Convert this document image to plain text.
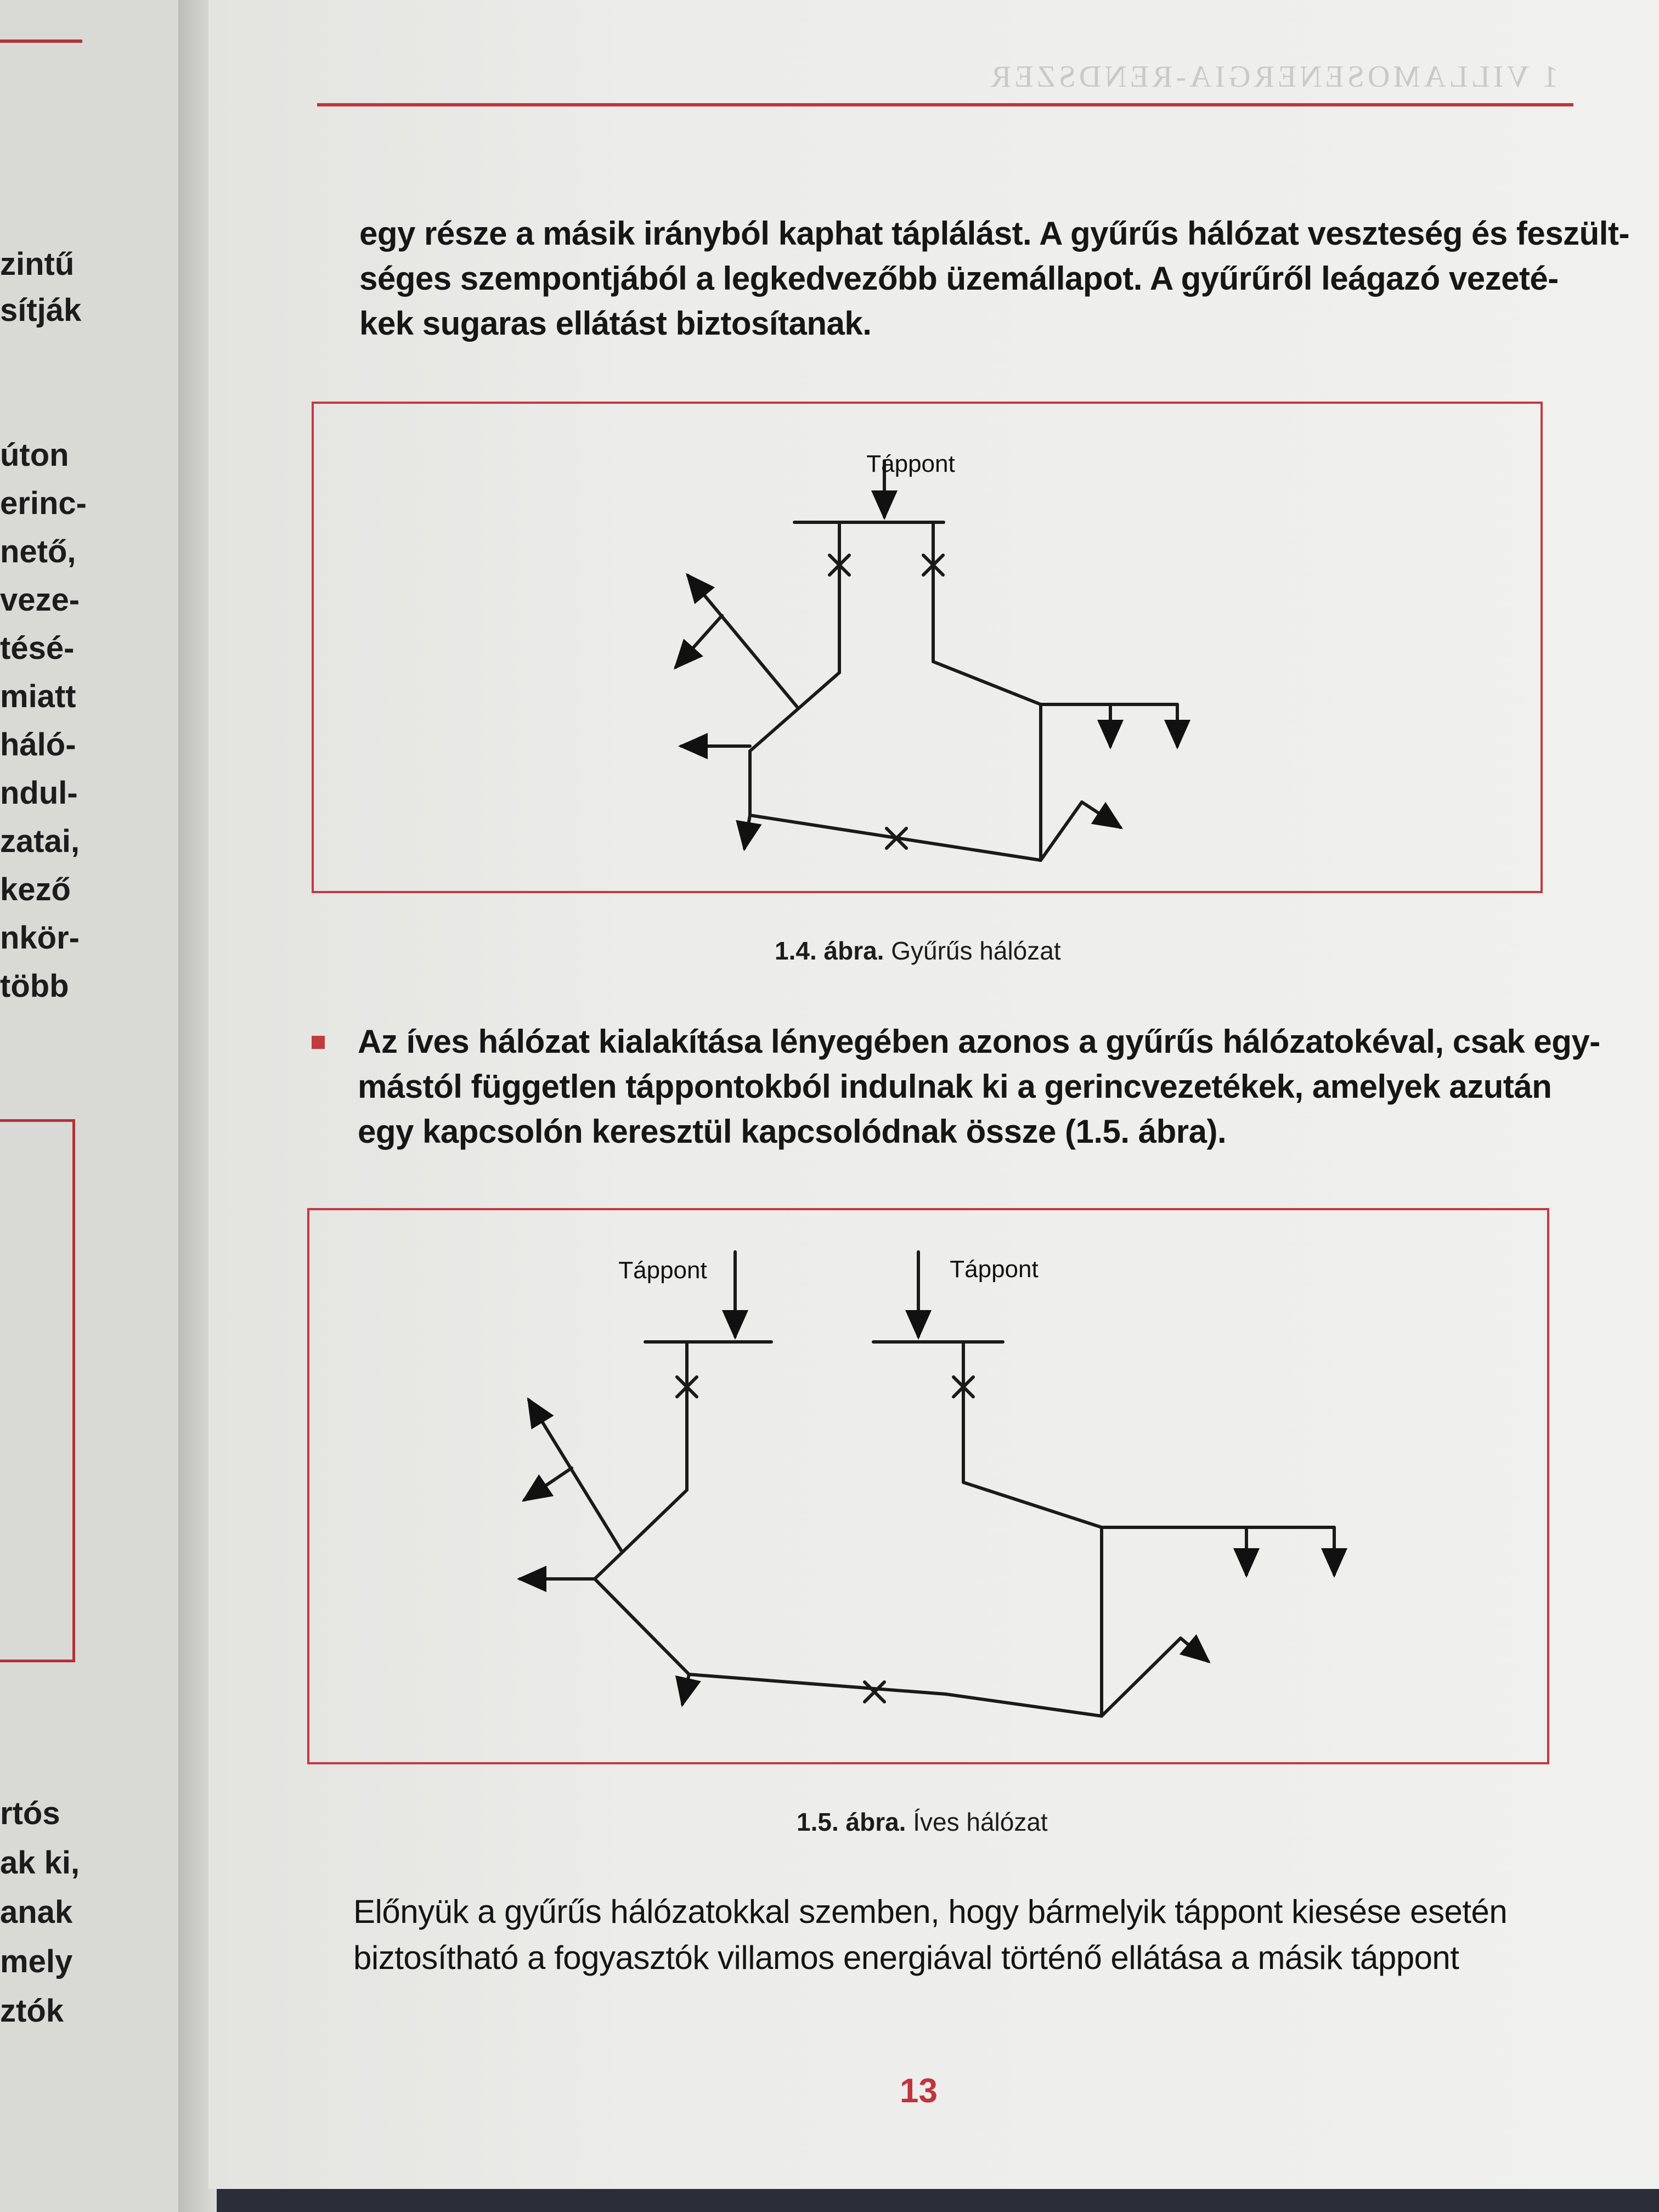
zintű
sítják
úton
erinc-
nető,
veze-
tésé-
miatt
háló-
ndul-
zatai,
kező
nkör-
több
rtós
ak ki,
anak
mely
ztók
1 VILLAMOSENERGIA-RENDSZER
egy része a másik irányból kaphat táplálást. A gyűrűs hálózat veszteség és feszült-
séges szempontjából a legkedvezőbb üzemállapot. A gyűrűről leágazó vezeté-
kek sugaras ellátást biztosítanak.
Táppont
1.4. ábra. Gyűrűs hálózat
Az íves hálózat kialakítása lényegében azonos a gyűrűs hálózatokéval, csak egy-
mástól független táppontokból indulnak ki a gerincvezetékek, amelyek azután
egy kapcsolón keresztül kapcsolódnak össze (1.5. ábra).
Táppont	Táppont
1.5. ábra. Íves hálózat
Előnyük a gyűrűs hálózatokkal szemben, hogy bármelyik táppont kiesése esetén
biztosítható a fogyasztók villamos energiával történő ellátása a másik táppont
13
